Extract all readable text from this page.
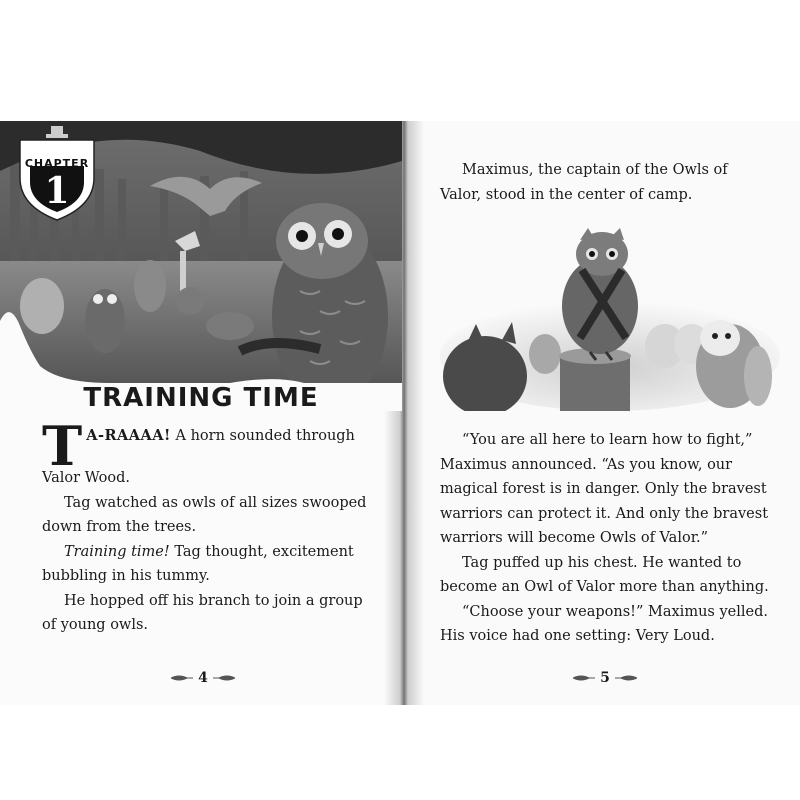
CHAPTER
1
TRAINING TIME
T A-RAAAA! A horn sounded through
Valor Wood.
Tag watched as owls of all sizes swooped
down from the trees.
Training time! Tag thought, excitement
bubbling in his tummy.
He hopped off his branch to join a group
of young owls.
4
Maximus, the captain of the Owls of
Valor, stood in the center of camp.
“You are all here to learn how to fight,”
Maximus announced. “As you know, our
magical forest is in danger. Only the bravest
warriors can protect it. And only the bravest
warriors will become Owls of Valor.”
Tag puffed up his chest. He wanted to
become an Owl of Valor more than anything.
“Choose your weapons!” Maximus yelled.
His voice had one setting: Very Loud.
5
